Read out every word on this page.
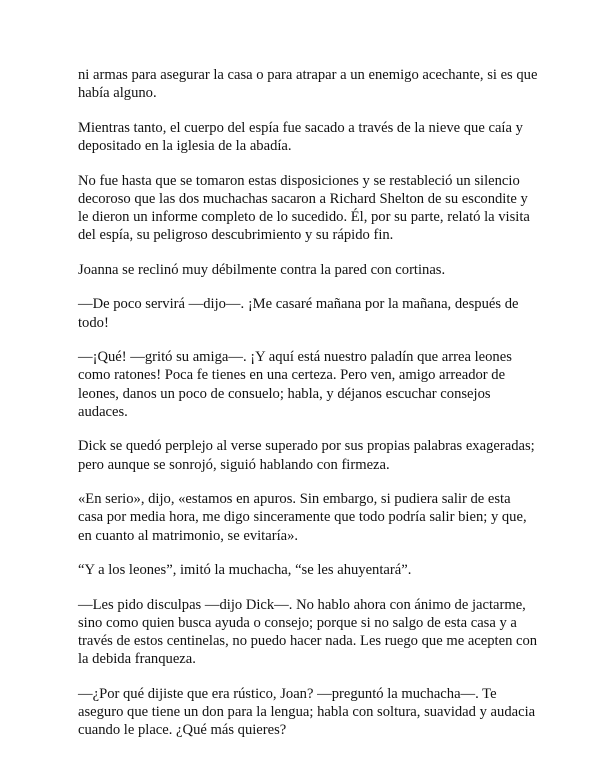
ni armas para asegurar la casa o para atrapar a un enemigo acechante, si es que había alguno.

Mientras tanto, el cuerpo del espía fue sacado a través de la nieve que caía y depositado en la iglesia de la abadía.

No fue hasta que se tomaron estas disposiciones y se restableció un silencio decoroso que las dos muchachas sacaron a Richard Shelton de su escondite y le dieron un informe completo de lo sucedido. Él, por su parte, relató la visita del espía, su peligroso descubrimiento y su rápido fin.

Joanna se reclinó muy débilmente contra la pared con cortinas.

—De poco servirá —dijo—. ¡Me casaré mañana por la mañana, después de todo!

—¡Qué! —gritó su amiga—. ¡Y aquí está nuestro paladín que arrea leones como ratones! Poca fe tienes en una certeza. Pero ven, amigo arreador de leones, danos un poco de consuelo; habla, y déjanos escuchar consejos audaces.

Dick se quedó perplejo al verse superado por sus propias palabras exageradas; pero aunque se sonrojó, siguió hablando con firmeza.

«En serio», dijo, «estamos en apuros. Sin embargo, si pudiera salir de esta casa por media hora, me digo sinceramente que todo podría salir bien; y que, en cuanto al matrimonio, se evitaría».

“Y a los leones”, imitó la muchacha, “se les ahuyentará”.

—Les pido disculpas —dijo Dick—. No hablo ahora con ánimo de jactarme, sino como quien busca ayuda o consejo; porque si no salgo de esta casa y a través de estos centinelas, no puedo hacer nada. Les ruego que me acepten con la debida franqueza.

—¿Por qué dijiste que era rústico, Joan? —preguntó la muchacha—. Te aseguro que tiene un don para la lengua; habla con soltura, suavidad y audacia cuando le place. ¿Qué más quieres?
